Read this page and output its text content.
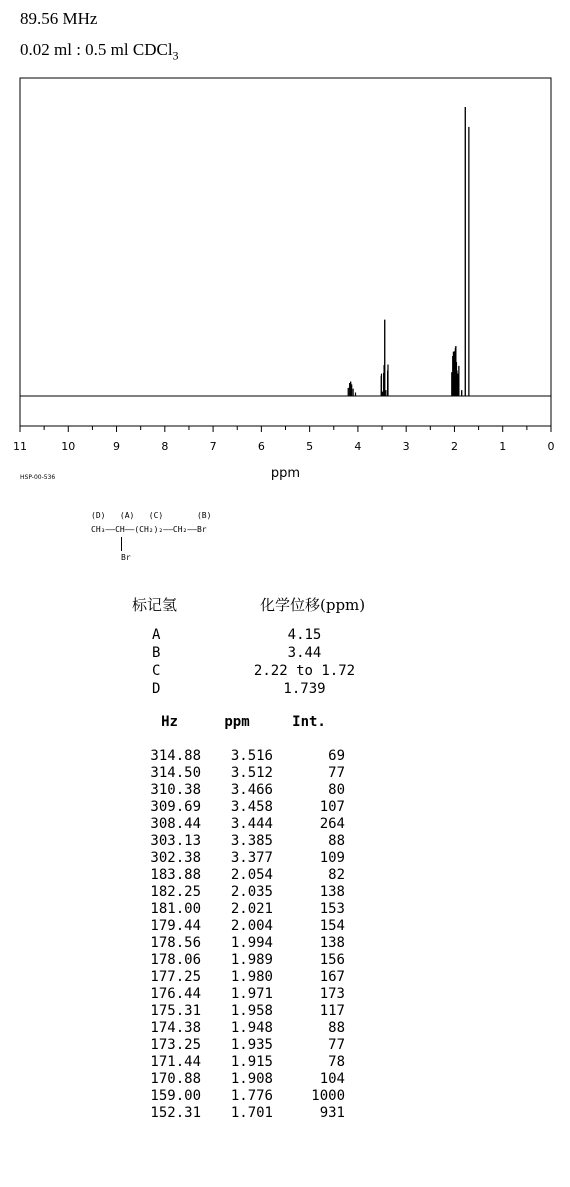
89.56 MHz
0.02 ml : 0.5 ml CDCl$_3$
11	10	9	8	7	6	5	4	3	2	1	0
ppm
HSP-00-536
(D)   (A)   (C)       (B)
CH₃——CH——(CH₂)₂——CH₂——Br
Br
标记氢	化学位移(ppm)
A	4.15
B	3.44
C	2.22 to 1.72
D	1.739
Hz	ppm	Int.
314.88	3.516	69
314.50	3.512	77
310.38	3.466	80
309.69	3.458	107
308.44	3.444	264
303.13	3.385	88
302.38	3.377	109
183.88	2.054	82
182.25	2.035	138
181.00	2.021	153
179.44	2.004	154
178.56	1.994	138
178.06	1.989	156
177.25	1.980	167
176.44	1.971	173
175.31	1.958	117
174.38	1.948	88
173.25	1.935	77
171.44	1.915	78
170.88	1.908	104
159.00	1.776	1000
152.31	1.701	931
